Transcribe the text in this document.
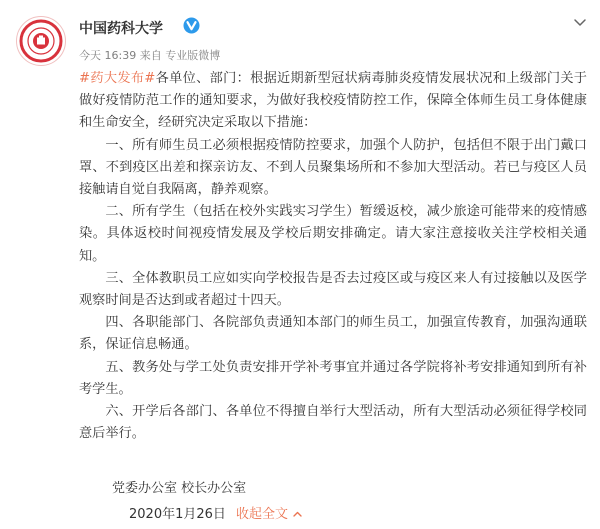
中国药科大学
今天 16:39 来自 专业版微博

#药大发布#各单位、部门：根据近期新型冠状病毒肺炎疫情发展状况和上级部门关于做好疫情防范工作的通知要求，为做好我校疫情防控工作，保障全体师生员工身体健康和生命安全，经研究决定采取以下措施：

一、所有师生员工必须根据疫情防控要求，加强个人防护，包括但不限于出门戴口罩、不到疫区出差和探亲访友、不到人员聚集场所和不参加大型活动。若已与疫区人员接触请自觉自我隔离，静养观察。

二、所有学生（包括在校外实践实习学生）暂缓返校，减少旅途可能带来的疫情感染。具体返校时间视疫情发展及学校后期安排确定。请大家注意接收关注学校相关通知。

三、全体教职员工应如实向学校报告是否去过疫区或与疫区来人有过接触以及医学观察时间是否达到或者超过十四天。

四、各职能部门、各院部负责通知本部门的师生员工，加强宣传教育，加强沟通联系，保证信息畅通。

五、教务处与学工处负责安排开学补考事宜并通过各学院将补考安排通知到所有补考学生。

六、开学后各部门、各单位不得擅自举行大型活动，所有大型活动必须征得学校同意后举行。

党委办公室 校长办公室
2020年1月26日 收起全文
